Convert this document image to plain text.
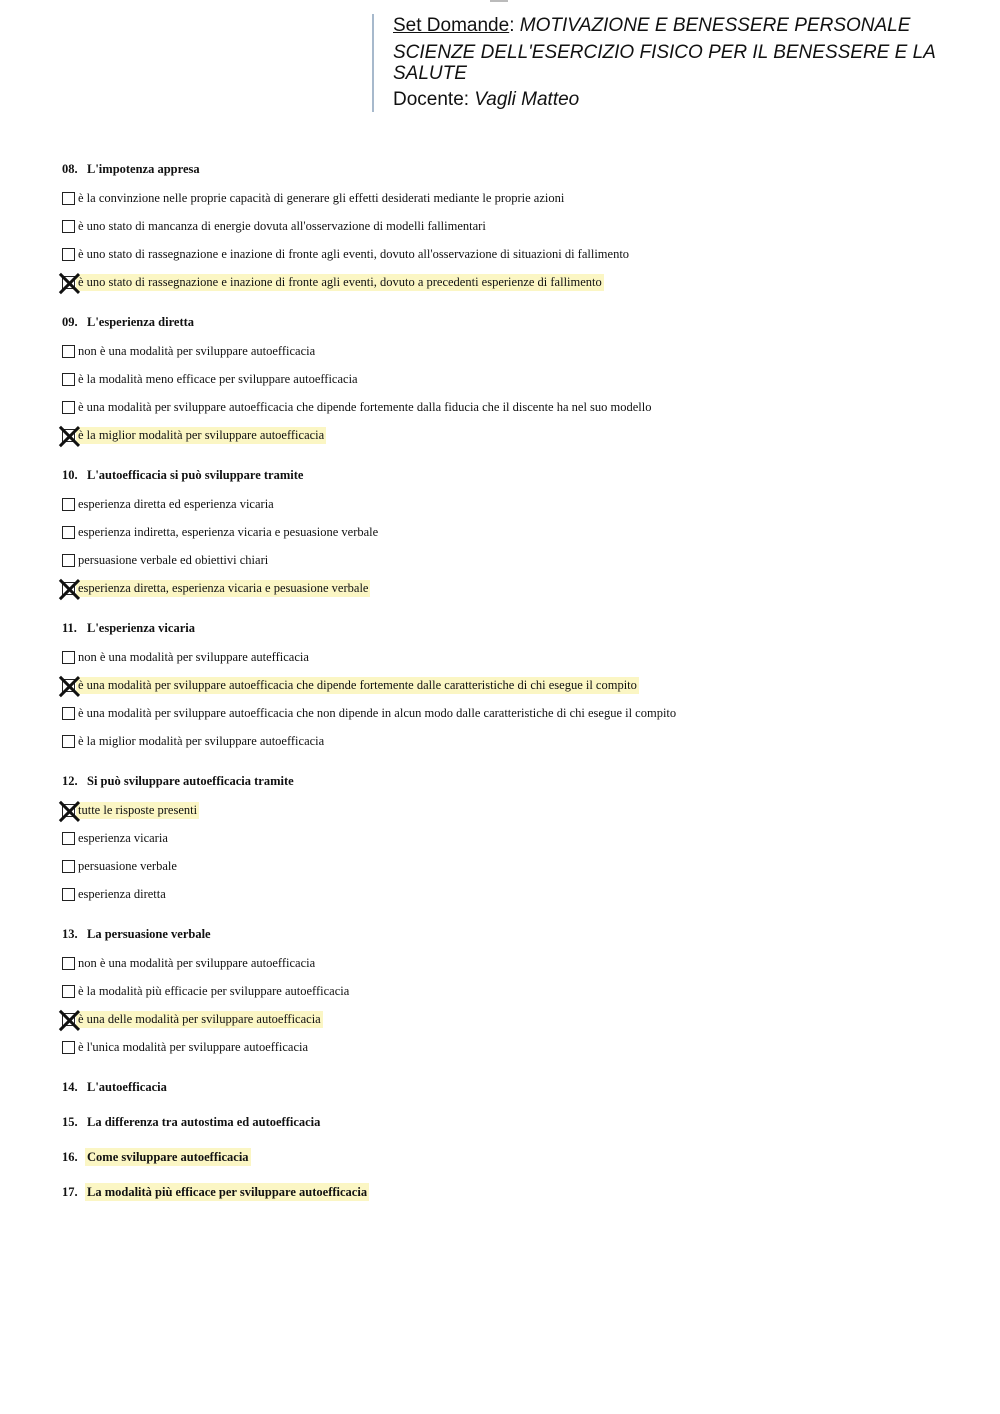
Set Domande: MOTIVAZIONE E BENESSERE PERSONALE

SCIENZE DELL'ESERCIZIO FISICO PER IL BENESSERE E LA SALUTE

Docente: Vagli Matteo

08. L'impotenza appresa
è la convinzione nelle proprie capacità di generare gli effetti desiderati mediante le proprie azioni
è uno stato di mancanza di energie dovuta all'osservazione di modelli fallimentari
è uno stato di rassegnazione e inazione di fronte agli eventi, dovuto all'osservazione di situazioni di fallimento
è uno stato di rassegnazione e inazione di fronte agli eventi, dovuto a precedenti esperienze di fallimento
09. L'esperienza diretta
non è una modalità per sviluppare autoefficacia
è la modalità meno efficace per sviluppare autoefficacia
è una modalità per sviluppare autoefficacia che dipende fortemente dalla fiducia che il discente ha nel suo modello
è la miglior modalità per sviluppare autoefficacia
10. L'autoefficacia si può sviluppare tramite
esperienza diretta ed esperienza vicaria
esperienza indiretta, esperienza vicaria e pesuasione verbale
persuasione verbale ed obiettivi chiari
esperienza diretta, esperienza vicaria e pesuasione verbale
11. L'esperienza vicaria
non è una modalità per sviluppare autefficacia
è una modalità per sviluppare autoefficacia che dipende fortemente dalle caratteristiche di chi esegue il compito
è una modalità per sviluppare autoefficacia che non dipende in alcun modo dalle caratteristiche di chi esegue il compito
è la miglior modalità per sviluppare autoefficacia
12. Si può sviluppare autoefficacia tramite
tutte le risposte presenti
esperienza vicaria
persuasione verbale
esperienza diretta
13. La persuasione verbale
non è una modalità per sviluppare autoefficacia
è la modalità più efficacie per sviluppare autoefficacia
è una delle modalità per sviluppare autoefficacia
è l'unica modalità per sviluppare autoefficacia
14. L'autoefficacia
15. La differenza tra autostima ed autoefficacia
16. Come sviluppare autoefficacia
17. La modalità più efficace per sviluppare autoefficacia
